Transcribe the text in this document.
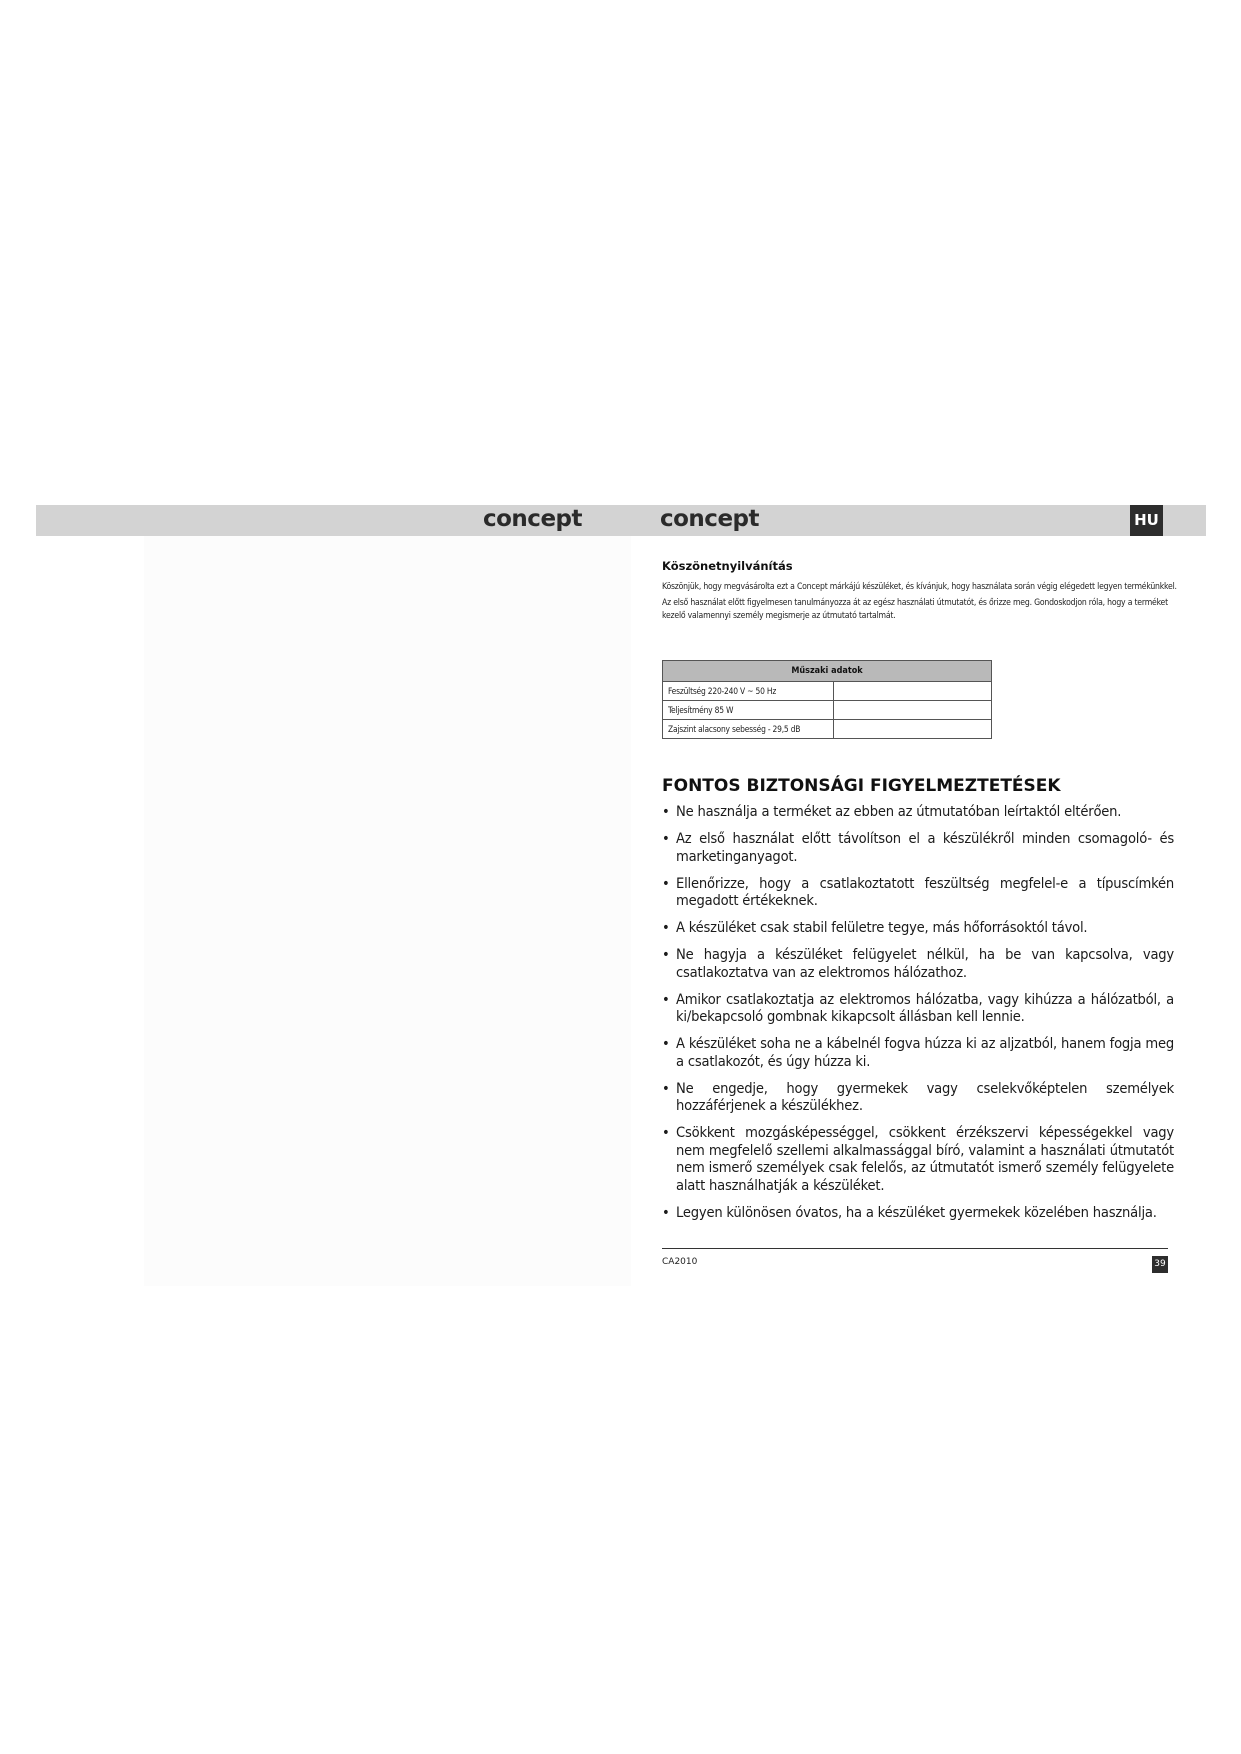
concept	concept	HU
Köszönetnyilvánítás

Köszönjük, hogy megvásárolta ezt a Concept márkájú készüléket, és kívánjuk, hogy használata során végig elégedett legyen termékünkkel.

Az első használat előtt figyelmesen tanulmányozza át az egész használati útmutatót, és őrizze meg. Gondoskodjon róla, hogy a terméket kezelő valamennyi személy megismerje az útmutató tartalmát.

Műszaki adatok	
Feszültség 220-240 V ~ 50 Hz	
Teljesítmény 85 W	
Zajszint alacsony sebesség - 29,5 dB	
FONTOS BIZTONSÁGI FIGYELMEZTETÉSEK
• Ne használja a terméket az ebben az útmutatóban leírtaktól eltérően.
• Az első használat előtt távolítson el a készülékről minden csomagoló- és marketinganyagot.
• Ellenőrizze, hogy a csatlakoztatott feszültség megfelel-e a típuscímkén megadott értékeknek.
• A készüléket csak stabil felületre tegye, más hőforrásoktól távol.
• Ne hagyja a készüléket felügyelet nélkül, ha be van kapcsolva, vagy csatlakoztatva van az elektromos hálózathoz.
• Amikor csatlakoztatja az elektromos hálózatba, vagy kihúzza a hálózatból, a ki/bekapcsoló gombnak kikapcsolt állásban kell lennie.
• A készüléket soha ne a kábelnél fogva húzza ki az aljzatból, hanem fogja meg a csatlakozót, és úgy húzza ki.
• Ne engedje, hogy gyermekek vagy cselekvőképtelen személyek hozzáférjenek a készülékhez.
• Csökkent mozgásképességgel, csökkent érzékszervi képességekkel vagy nem megfelelő szellemi alkalmassággal bíró, valamint a használati útmutatót nem ismerő személyek csak felelős, az útmutatót ismerő személy felügyelete alatt használhatják a készüléket.
• Legyen különösen óvatos, ha a készüléket gyermekek közelében használja.
CA2010	39
